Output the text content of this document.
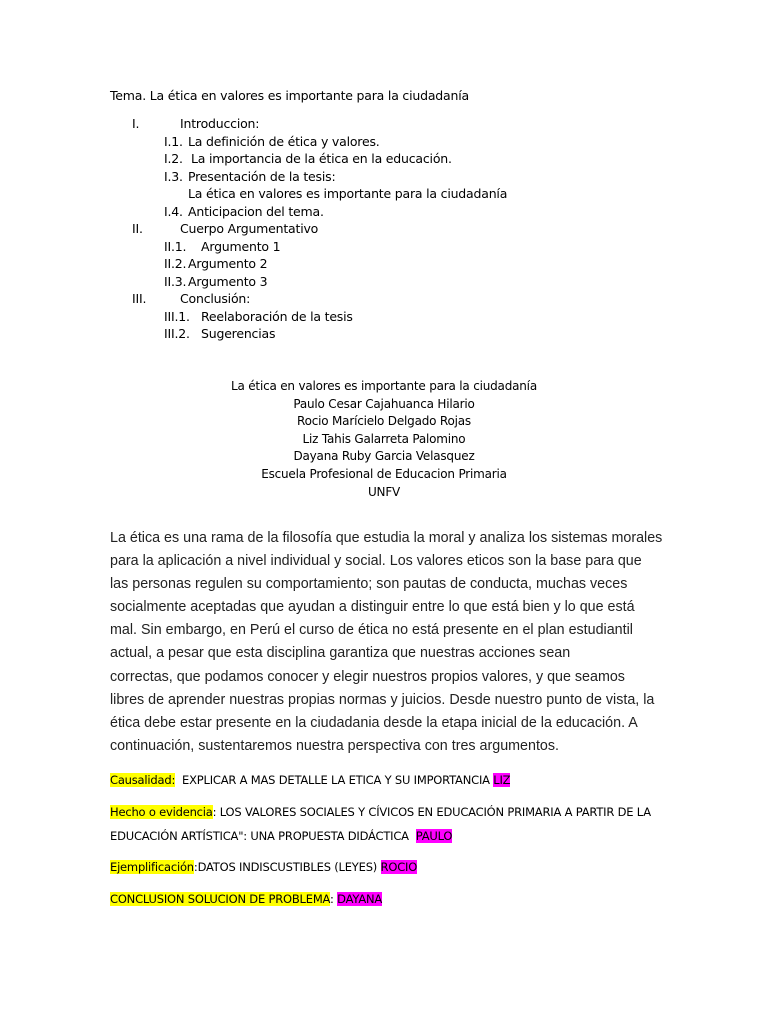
Tema. La ética en valores es importante para la ciudadanía
I.	Introduccion:
I.1. La definición de ética y valores.
I.2. La importancia de la ética en la educación.
I.3. Presentación de la tesis:
La ética en valores es importante para la ciudadanía
I.4. Anticipacion del tema.
II.	Cuerpo Argumentativo
II.1. Argumento 1
II.2. Argumento 2
II.3. Argumento 3
III.	Conclusión:
III.1. Reelaboración de la tesis
III.2. Sugerencias
La ética en valores es importante para la ciudadanía
Paulo Cesar Cajahuanca Hilario
Rocio Marícielo Delgado Rojas
Liz Tahis Galarreta Palomino
Dayana Ruby Garcia Velasquez
Escuela Profesional de Educacion Primaria
UNFV

La ética es una rama de la filosofía que estudia la moral y analiza los sistemas morales

para la aplicación a nivel individual y social. Los valores eticos son la base para que

las personas regulen su comportamiento; son pautas de conducta, muchas veces

socialmente aceptadas que ayudan a distinguir entre lo que está bien y lo que está

mal. Sin embargo, en Perú el curso de ética no está presente en el plan estudiantil

actual, a pesar que esta disciplina garantiza que nuestras acciones sean

correctas, que podamos conocer y elegir nuestros propios valores, y que seamos

libres de aprender nuestras propias normas y juicios. Desde nuestro punto de vista, la

ética debe estar presente en la ciudadania desde la etapa inicial de la educación. A

continuación, sustentaremos nuestra perspectiva con tres argumentos.

Causalidad:  EXPLICAR A MAS DETALLE LA ETICA Y SU IMPORTANCIA LIZ
Hecho o evidencia: LOS VALORES SOCIALES Y CÍVICOS EN EDUCACIÓN PRIMARIA A PARTIR DE LA
EDUCACIÓN ARTÍSTICA": UNA PROPUESTA DIDÁCTICA  PAULO
Ejemplificación:DATOS INDISCUSTIBLES (LEYES) ROCIO
CONCLUSION SOLUCION DE PROBLEMA: DAYANA
